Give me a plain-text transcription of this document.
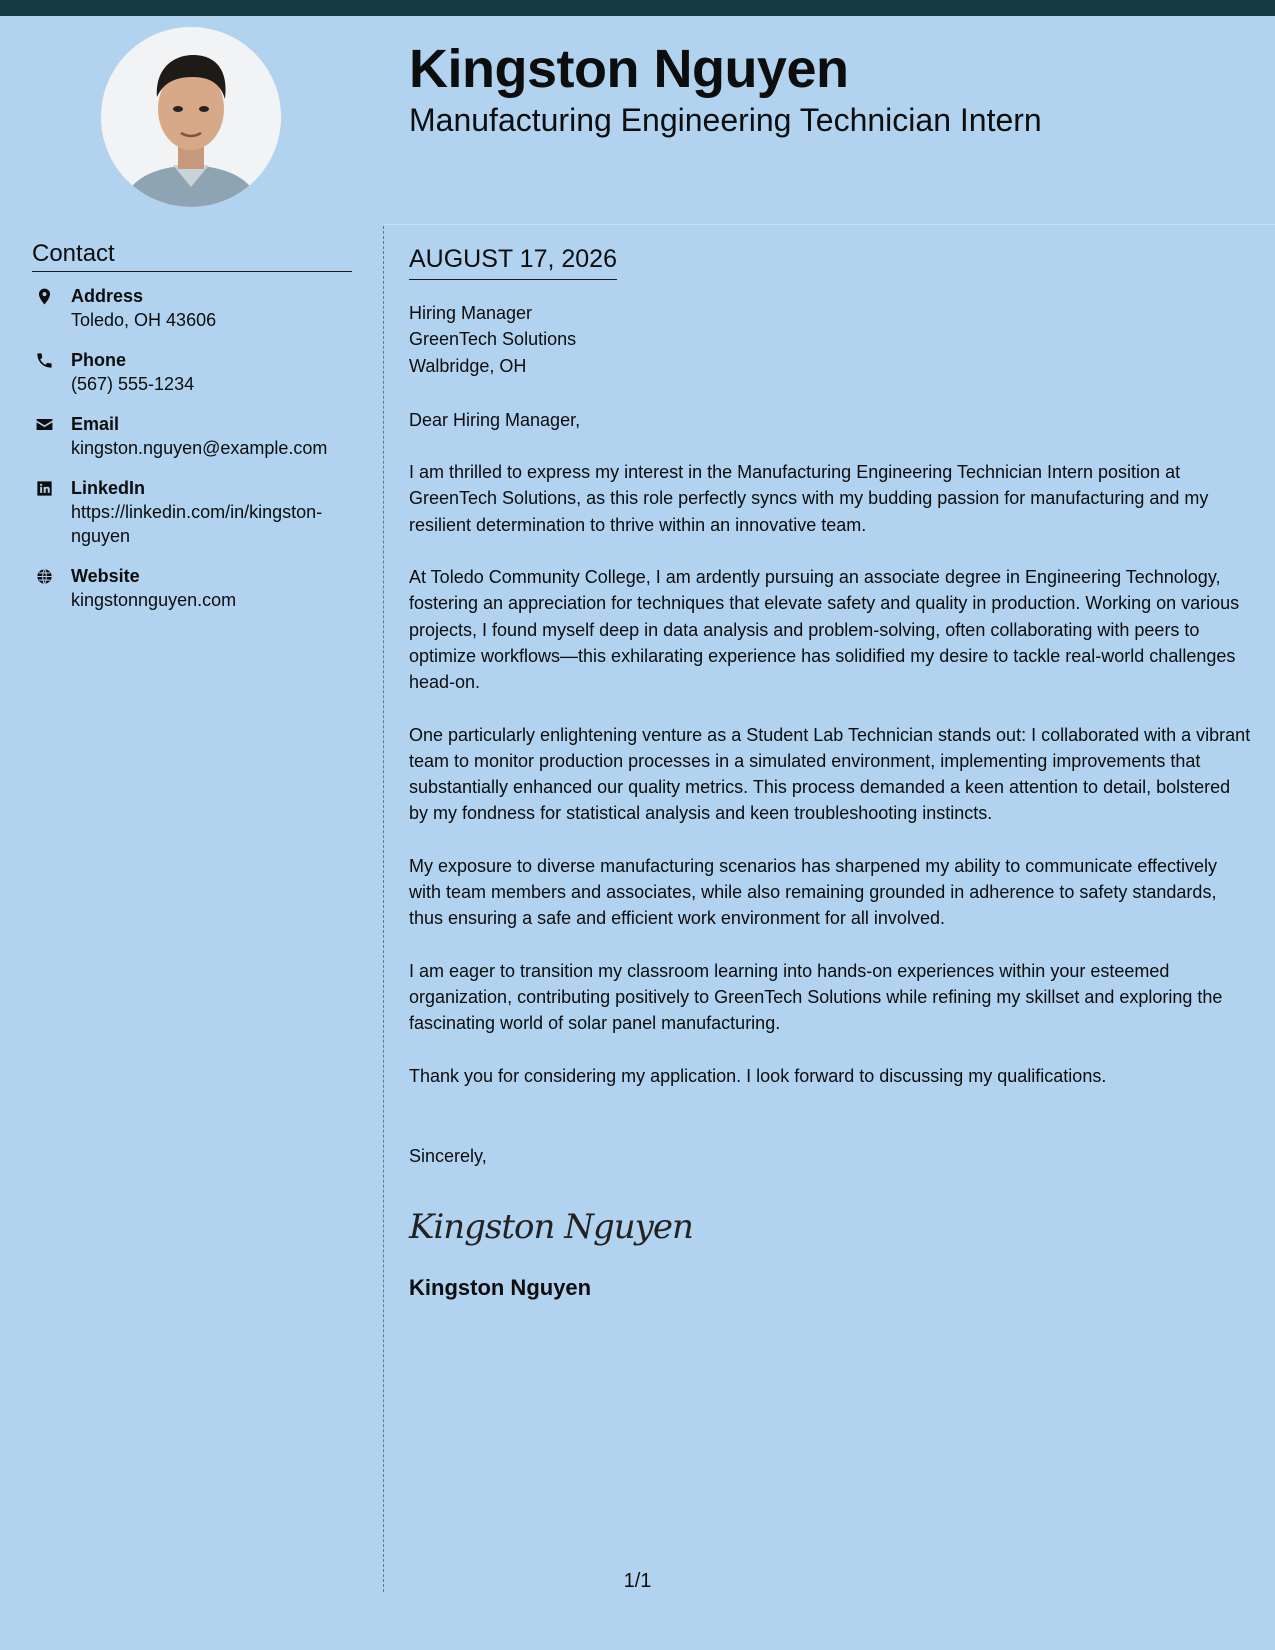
Kingston Nguyen
Manufacturing Engineering Technician Intern
Contact
Address
Toledo, OH 43606
Phone
(567) 555-1234
Email
kingston.nguyen@example.com
LinkedIn
https://linkedin.com/in/kingston-nguyen
Website
kingstonnguyen.com
AUGUST 17, 2026

Hiring Manager

GreenTech Solutions

Walbridge, OH

Dear Hiring Manager,

I am thrilled to express my interest in the Manufacturing Engineering Technician Intern position at GreenTech Solutions, as this role perfectly syncs with my budding passion for manufacturing and my resilient determination to thrive within an innovative team.

At Toledo Community College, I am ardently pursuing an associate degree in Engineering Technology, fostering an appreciation for techniques that elevate safety and quality in production. Working on various projects, I found myself deep in data analysis and problem-solving, often collaborating with peers to optimize workflows—this exhilarating experience has solidified my desire to tackle real-world challenges head-on.

One particularly enlightening venture as a Student Lab Technician stands out: I collaborated with a vibrant team to monitor production processes in a simulated environment, implementing improvements that substantially enhanced our quality metrics. This process demanded a keen attention to detail, bolstered by my fondness for statistical analysis and keen troubleshooting instincts.

My exposure to diverse manufacturing scenarios has sharpened my ability to communicate effectively with team members and associates, while also remaining grounded in adherence to safety standards, thus ensuring a safe and efficient work environment for all involved.

I am eager to transition my classroom learning into hands-on experiences within your esteemed organization, contributing positively to GreenTech Solutions while refining my skillset and exploring the fascinating world of solar panel manufacturing.

Thank you for considering my application. I look forward to discussing my qualifications.

Sincerely,

Kingston Nguyen
Kingston Nguyen
1/1
